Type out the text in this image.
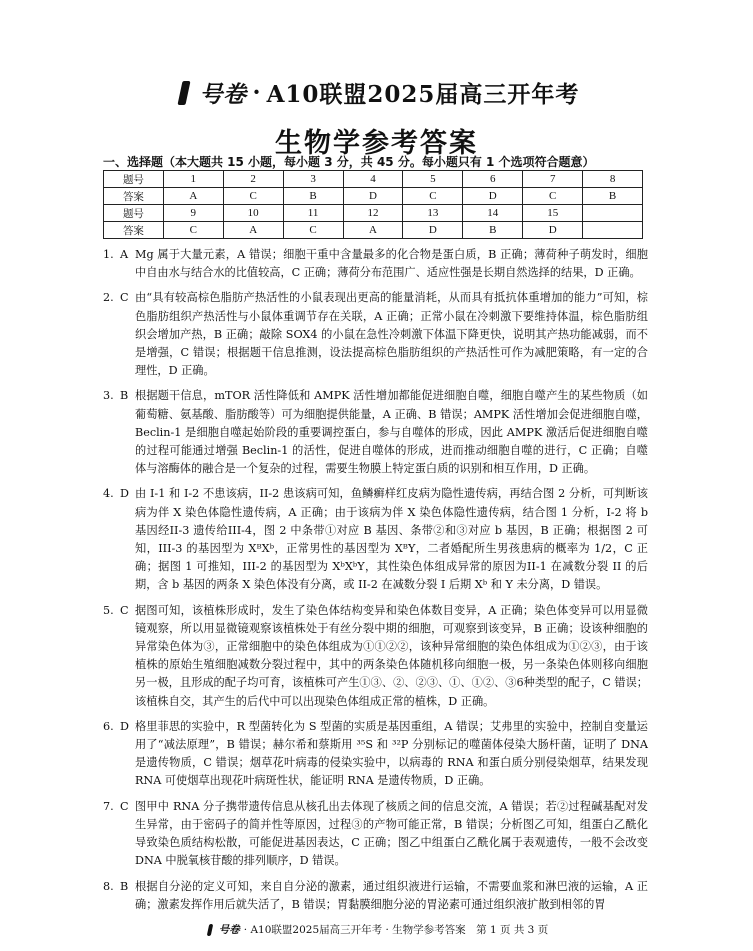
号卷 · A10联盟2025届高三开年考
生物学参考答案
一、选择题（本大题共 15 小题，每小题 3 分，共 45 分。每小题只有 1 个选项符合题意）
题号	1	2	3	4	5	6	7	8
答案	A	C	B	D	C	D	C	B
题号	9	10	11	12	13	14	15	
答案	C	A	C	A	D	B	D	
1. A Mg 属于大量元素，A 错误；细胞干重中含量最多的化合物是蛋白质，B 正确；薄荷种子萌发时，细胞中自由水与结合水的比值较高，C 正确；薄荷分布范围广、适应性强是长期自然选择的结果，D 正确。
2. C 由“具有较高棕色脂肪产热活性的小鼠表现出更高的能量消耗，从而具有抵抗体重增加的能力”可知，棕色脂肪组织产热活性与小鼠体重调节存在关联，A 正确；正常小鼠在冷刺激下要维持体温，棕色脂肪组织会增加产热，B 正确；敲除 SOX4 的小鼠在急性冷刺激下体温下降更快，说明其产热功能减弱，而不是增强，C 错误；根据题干信息推测，设法提高棕色脂肪组织的产热活性可作为减肥策略，有一定的合理性，D 正确。
3. B 根据题干信息，mTOR 活性降低和 AMPK 活性增加都能促进细胞自噬，细胞自噬产生的某些物质（如葡萄糖、氨基酸、脂肪酸等）可为细胞提供能量，A 正确、B 错误；AMPK 活性增加会促进细胞自噬，Beclin-1 是细胞自噬起始阶段的重要调控蛋白，参与自噬体的形成，因此 AMPK 激活后促进细胞自噬的过程可能通过增强 Beclin-1 的活性，促进自噬体的形成，进而推动细胞自噬的进行，C 正确；自噬体与溶酶体的融合是一个复杂的过程，需要生物膜上特定蛋白质的识别和相互作用，D 正确。
4. D 由 I-1 和 I-2 不患该病，II-2 患该病可知，鱼鳞癣样红皮病为隐性遗传病，再结合图 2 分析，可判断该病为伴 X 染色体隐性遗传病，A 正确；由于该病为伴 X 染色体隐性遗传病，结合图 1 分析，I-2 将 b 基因经II-3 遗传给III-4，图 2 中条带①对应 B 基因、条带②和③对应 b 基因，B 正确；根据图 2 可知，III-3 的基因型为 XᴮXᵇ，正常男性的基因型为 XᴮY，二者婚配所生男孩患病的概率为 1/2，C 正确；据图 1 可推知，III-2 的基因型为 XᵇXᵇY，其性染色体组成异常的原因为II-1 在减数分裂 II 的后期，含 b 基因的两条 X 染色体没有分离，或 II-2 在减数分裂 I 后期 Xᵇ 和 Y 未分离，D 错误。
5. C 据图可知，该植株形成时，发生了染色体结构变异和染色体数目变异，A 正确；染色体变异可以用显微镜观察，所以用显微镜观察该植株处于有丝分裂中期的细胞，可观察到该变异，B 正确；设该种细胞的异常染色体为③，正常细胞中的染色体组成为①①②②，该种异常细胞的染色体组成为①②③，由于该植株的原始生殖细胞减数分裂过程中，其中的两条染色体随机移向细胞一极，另一条染色体则移向细胞另一极，且形成的配子均可育，该植株可产生①③、②、②③、①、①②、③6种类型的配子，C 错误；该植株自交，其产生的后代中可以出现染色体组成正常的植株，D 正确。
6. D 格里菲思的实验中，R 型菌转化为 S 型菌的实质是基因重组，A 错误；艾弗里的实验中，控制自变量运用了“减法原理”，B 错误；赫尔希和蔡斯用 ³⁵S 和 ³²P 分别标记的噬菌体侵染大肠杆菌，证明了 DNA 是遗传物质，C 错误；烟草花叶病毒的侵染实验中，以病毒的 RNA 和蛋白质分别侵染烟草，结果发现 RNA 可使烟草出现花叶病斑性状，能证明 RNA 是遗传物质，D 正确。
7. C 图甲中 RNA 分子携带遗传信息从核孔出去体现了核质之间的信息交流，A 错误；若②过程碱基配对发生异常，由于密码子的简并性等原因，过程③的产物可能正常，B 错误；分析图乙可知，组蛋白乙酰化导致染色质结构松散，可能促进基因表达，C 正确；图乙中组蛋白乙酰化属于表观遗传，一般不会改变 DNA 中脱氧核苷酸的排列顺序，D 错误。
8. B 根据自分泌的定义可知，来自自分泌的激素，通过组织液进行运输，不需要血浆和淋巴液的运输，A 正确；激素发挥作用后就失活了，B 错误；胃黏膜细胞分泌的胃泌素可通过组织液扩散到相邻的胃
号卷 · A10联盟2025届高三开年考 · 生物学参考答案　第 1 页 共 3 页
